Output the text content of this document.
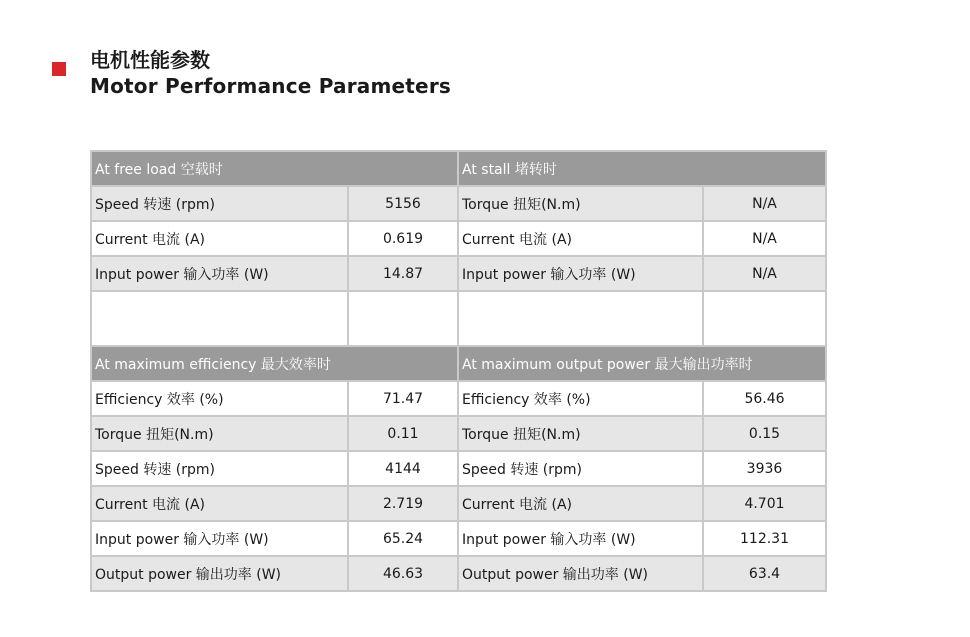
电机性能参数
Motor Performance Parameters
At free load 空载时		At stall 堵转时	
Speed 转速 (rpm)	5156	Torque 扭矩(N.m)	N/A
Current 电流 (A)	0.619	Current 电流 (A)	N/A
Input power 输入功率 (W)	14.87	Input power 输入功率 (W)	N/A

At maximum efficiency 最大效率时		At maximum output power 最大输出功率时	
Efficiency 效率 (%)	71.47	Efficiency 效率 (%)	56.46
Torque 扭矩(N.m)	0.11	Torque 扭矩(N.m)	0.15
Speed 转速 (rpm)	4144	Speed 转速 (rpm)	3936
Current 电流 (A)	2.719	Current 电流 (A)	4.701
Input power 输入功率 (W)	65.24	Input power 输入功率 (W)	112.31
Output power 输出功率 (W)	46.63	Output power 输出功率 (W)	63.4
